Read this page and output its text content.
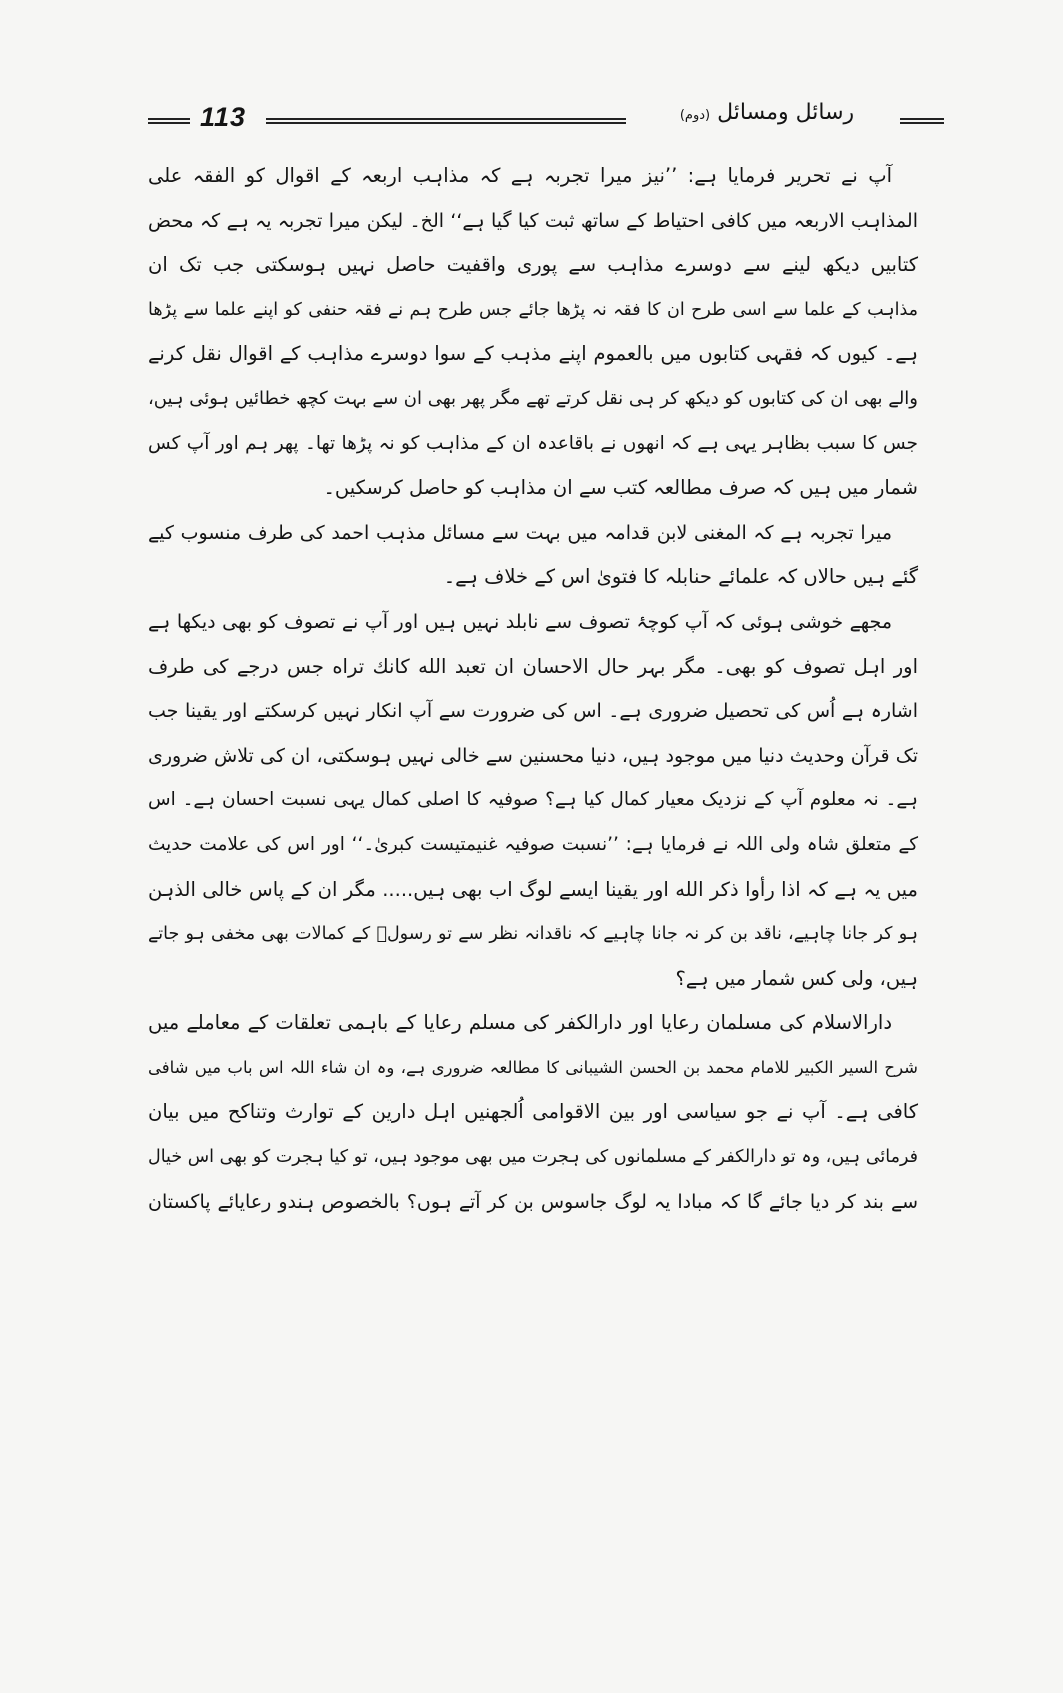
113	رسائل ومسائل (دوم)
آپ نے تحریر فرمایا ہے: ’’نیز میرا تجربہ ہے کہ مذاہب اربعہ کے اقوال کو الفقہ علی
المذاہب الاربعہ میں کافی احتیاط کے ساتھ ثبت کیا گیا ہے‘‘ الخ۔ لیکن میرا تجربہ یہ ہے کہ محض
کتابیں دیکھ لینے سے دوسرے مذاہب سے پوری واقفیت حاصل نہیں ہوسکتی جب تک ان
مذاہب کے علما سے اسی طرح ان کا فقہ نہ پڑھا جائے جس طرح ہم نے فقہ حنفی کو اپنے علما سے پڑھا
ہے۔ کیوں کہ فقہی کتابوں میں بالعموم اپنے مذہب کے سوا دوسرے مذاہب کے اقوال نقل کرنے
والے بھی ان کی کتابوں کو دیکھ کر ہی نقل کرتے تھے مگر پھر بھی ان سے بہت کچھ خطائیں ہوئی ہیں،
جس کا سبب بظاہر یہی ہے کہ انھوں نے باقاعدہ ان کے مذاہب کو نہ پڑھا تھا۔ پھر ہم اور آپ کس
شمار میں ہیں کہ صرف مطالعہ کتب سے ان مذاہب کو حاصل کرسکیں۔
میرا تجربہ ہے کہ المغنی لابن قدامہ میں بہت سے مسائل مذہب احمد کی طرف منسوب کیے
گئے ہیں حالاں کہ علمائے حنابلہ کا فتویٰ اس کے خلاف ہے۔
مجھے خوشی ہوئی کہ آپ کوچۂ تصوف سے نابلد نہیں ہیں اور آپ نے تصوف کو بھی دیکھا ہے
اور اہل تصوف کو بھی۔ مگر بہر حال الاحسان ان تعبد الله کانك تراه جس درجے کی طرف
اشارہ ہے اُس کی تحصیل ضروری ہے۔ اس کی ضرورت سے آپ انکار نہیں کرسکتے اور یقینا جب
تک قرآن وحدیث دنیا میں موجود ہیں، دنیا محسنین سے خالی نہیں ہوسکتی، ان کی تلاش ضروری
ہے۔ نہ معلوم آپ کے نزدیک معیار کمال کیا ہے؟ صوفیہ کا اصلی کمال یہی نسبت احسان ہے۔ اس
کے متعلق شاہ ولی اللہ نے فرمایا ہے: ’’نسبت صوفیہ غنیمتیست کبریٰ۔‘‘ اور اس کی علامت حدیث
میں یہ ہے کہ اذا رأوا ذكر الله اور یقینا ایسے لوگ اب بھی ہیں..... مگر ان کے پاس خالی الذہن
ہو کر جانا چاہیے، ناقد بن کر نہ جانا چاہیے کہ ناقدانہ نظر سے تو رسولؐ کے کمالات بھی مخفی ہو جاتے
ہیں، ولی کس شمار میں ہے؟
دارالاسلام کی مسلمان رعایا اور دارالکفر کی مسلم رعایا کے باہمی تعلقات کے معاملے میں
شرح السیر الکبیر للامام محمد بن الحسن الشیبانی کا مطالعہ ضروری ہے، وہ ان شاء اللہ اس باب میں شافی
کافی ہے۔ آپ نے جو سیاسی اور بین الاقوامی اُلجھنیں اہل دارین کے توارث وتناکح میں بیان
فرمائی ہیں، وہ تو دارالکفر کے مسلمانوں کی ہجرت میں بھی موجود ہیں، تو کیا ہجرت کو بھی اس خیال
سے بند کر دیا جائے گا کہ مبادا یہ لوگ جاسوس بن کر آتے ہوں؟ بالخصوص ہندو رعایائے پاکستان
